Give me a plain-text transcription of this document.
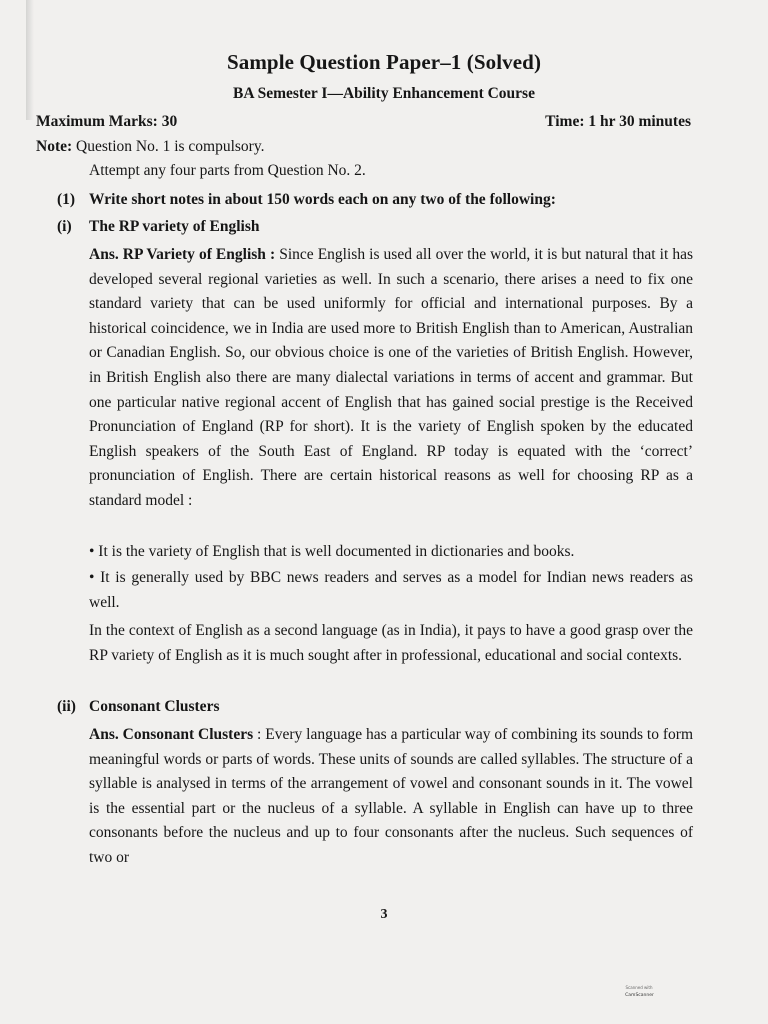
Sample Question Paper–1 (Solved)
BA Semester I—Ability Enhancement Course
Maximum Marks: 30	Time: 1 hr 30 minutes
Note: Question No. 1 is compulsory.
Attempt any four parts from Question No. 2.
(1) Write short notes in about 150 words each on any two of the following:
(i) The RP variety of English
Ans. RP Variety of English : Since English is used all over the world, it is but natural that it has developed several regional varieties as well. In such a scenario, there arises a need to fix one standard variety that can be used uniformly for official and international purposes. By a historical coincidence, we in India are used more to British English than to American, Australian or Canadian English. So, our obvious choice is one of the varieties of British English. However, in British English also there are many dialectal variations in terms of accent and grammar. But one particular native regional accent of English that has gained social prestige is the Received Pronunciation of England (RP for short). It is the variety of English spoken by the educated English speakers of the South East of England. RP today is equated with the ‘correct’ pronunciation of English. There are certain historical reasons as well for choosing RP as a standard model :
• It is the variety of English that is well documented in dictionaries and books.
• It is generally used by BBC news readers and serves as a model for Indian news readers as well.
In the context of English as a second language (as in India), it pays to have a good grasp over the RP variety of English as it is much sought after in professional, educational and social contexts.
(ii) Consonant Clusters
Ans. Consonant Clusters : Every language has a particular way of combining its sounds to form meaningful words or parts of words. These units of sounds are called syllables. The structure of a syllable is analysed in terms of the arrangement of vowel and consonant sounds in it. The vowel is the essential part or the nucleus of a syllable. A syllable in English can have up to three consonants before the nucleus and up to four consonants after the nucleus. Such sequences of two or
3
Scanned with
CamScanner
